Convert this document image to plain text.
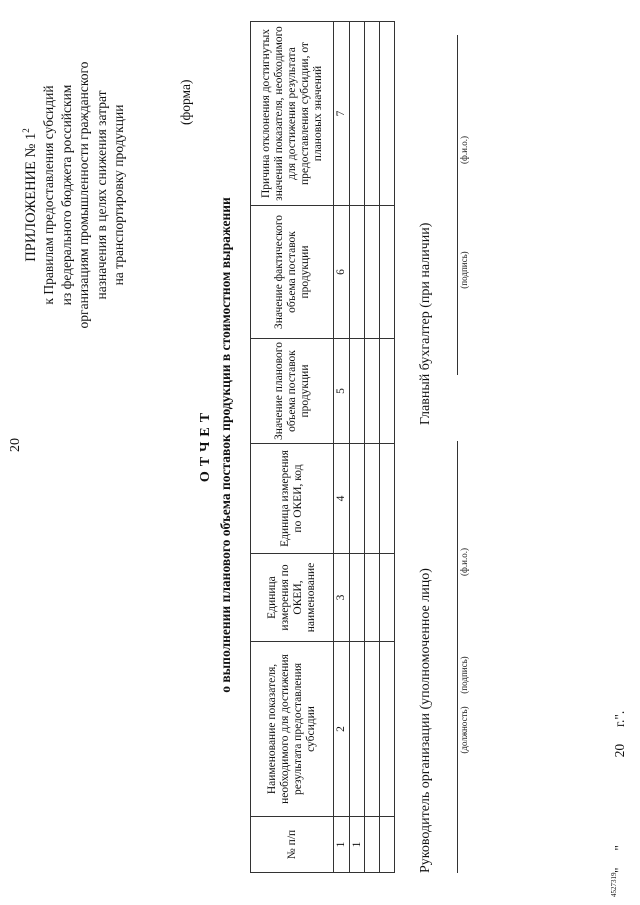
20
ПРИЛОЖЕНИЕ № $1^2$ к Правилам предоставления субсидий из федерального бюджета российским организациям промышленности гражданского назначения в целях снижения затрат на транспортировку продукции
(форма)
ОТЧЕТ о выполнении планового объема поставок продукции в стоимостном выражении
№ п/п	Наименование показателя, необходимого для достижения результата предоставления субсидии	Единица измерения по ОКЕИ, наименование	Единица измерения по ОКЕИ, код	Значение планового объема поставок продукции	Значение фактического объема поставок продукции	Причина отклонения достигнутых значений показателя, необходимого для достижения результата предоставления субсидии, от плановых значений
1	2	3	4	5	6	7
1						

							Руководитель организации (уполномоченное лицо)	(должность)
(подпись)
(ф.и.о.)
Главный бухгалтер (при наличии)	(подпись)
(ф.и.о.)
"     "                          20     г.".
4527319
